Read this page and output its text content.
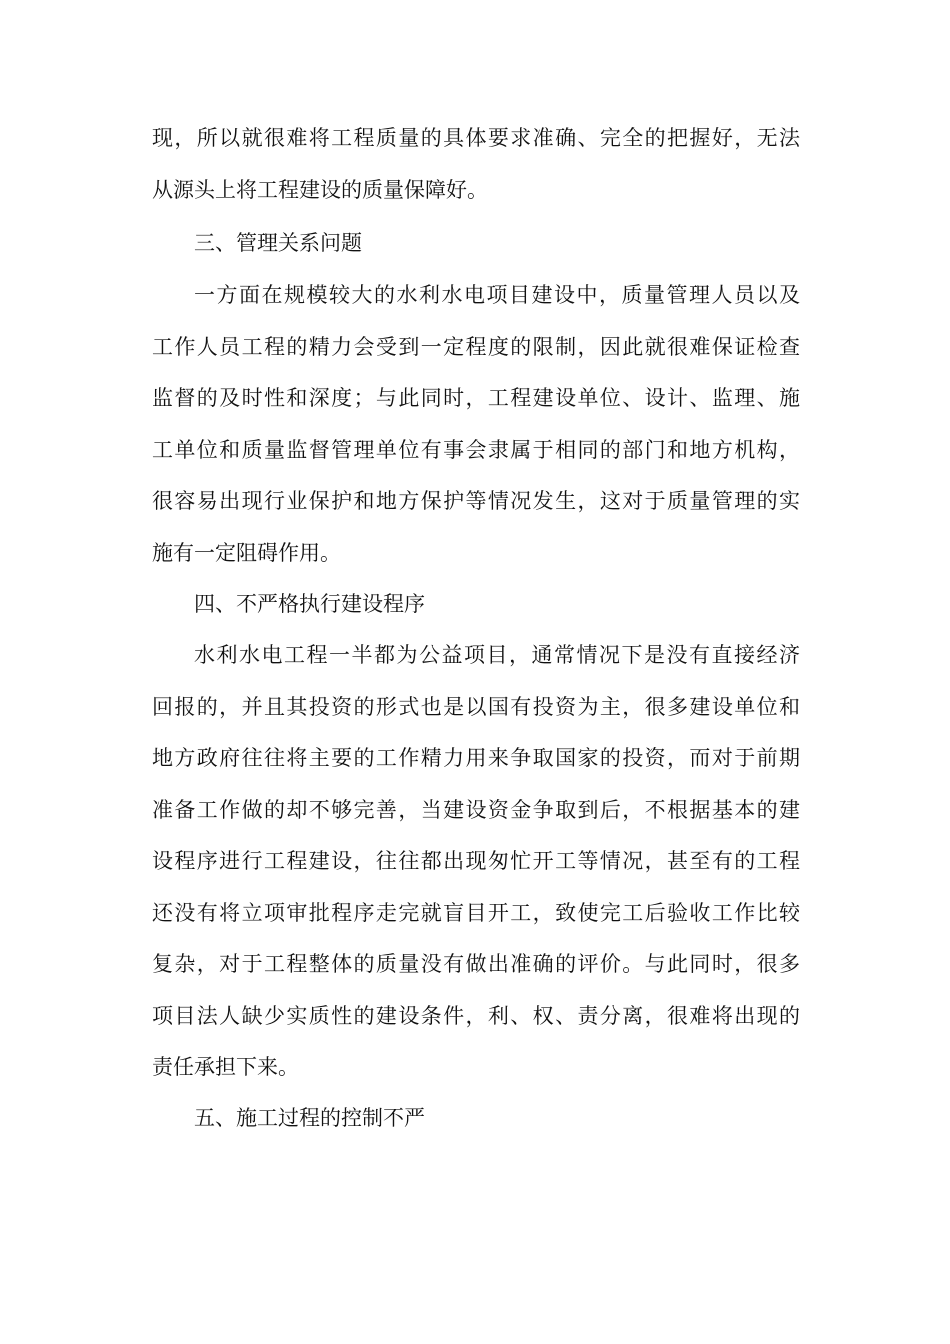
现，所以就很难将工程质量的具体要求准确、完全的把握好，无法
从源头上将工程建设的质量保障好。
三、管理关系问题
一方面在规模较大的水利水电项目建设中，质量管理人员以及
工作人员工程的精力会受到一定程度的限制，因此就很难保证检查
监督的及时性和深度；与此同时，工程建设单位、设计、监理、施
工单位和质量监督管理单位有事会隶属于相同的部门和地方机构，
很容易出现行业保护和地方保护等情况发生，这对于质量管理的实
施有一定阻碍作用。
四、不严格执行建设程序
水利水电工程一半都为公益项目，通常情况下是没有直接经济
回报的，并且其投资的形式也是以国有投资为主，很多建设单位和
地方政府往往将主要的工作精力用来争取国家的投资，而对于前期
准备工作做的却不够完善，当建设资金争取到后，不根据基本的建
设程序进行工程建设，往往都出现匆忙开工等情况，甚至有的工程
还没有将立项审批程序走完就盲目开工，致使完工后验收工作比较
复杂，对于工程整体的质量没有做出准确的评价。与此同时，很多
项目法人缺少实质性的建设条件，利、权、责分离，很难将出现的
责任承担下来。
五、施工过程的控制不严
